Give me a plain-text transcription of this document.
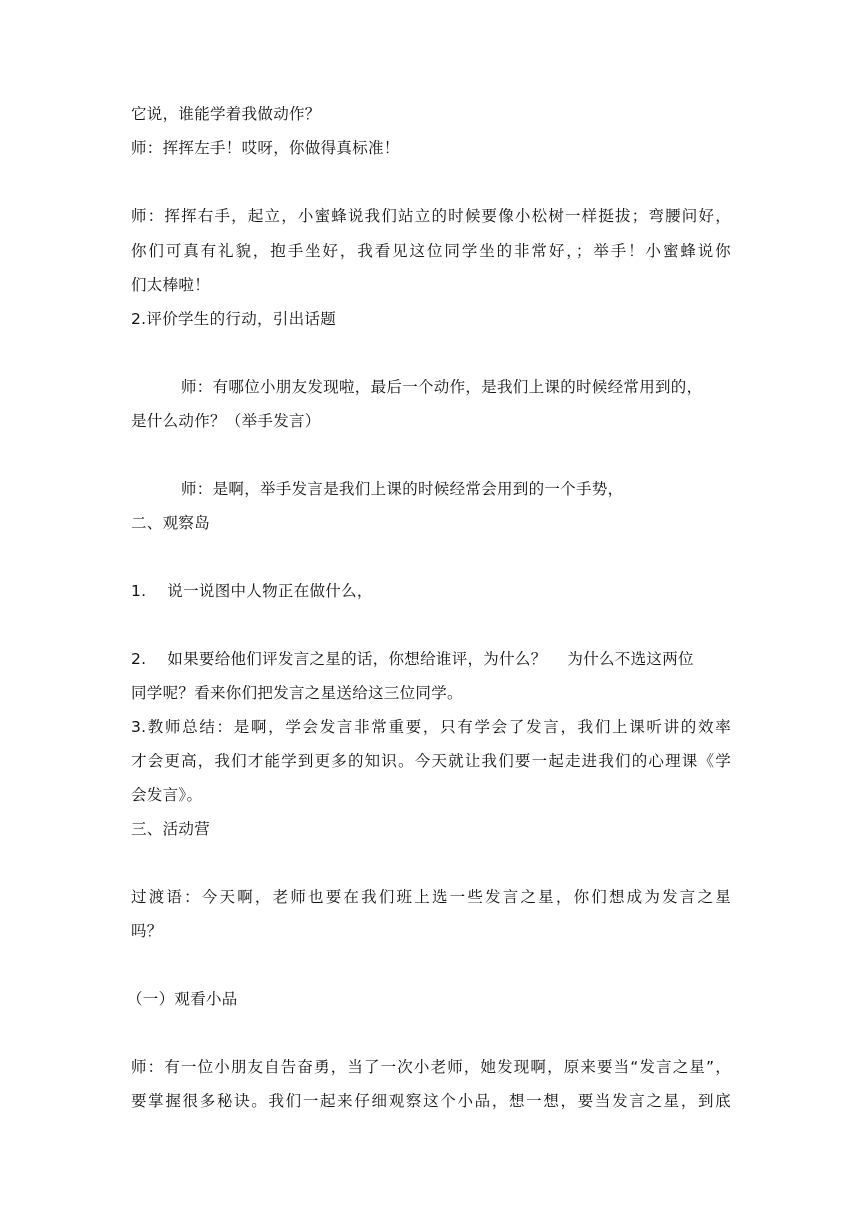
它说，谁能学着我做动作？
师：挥挥左手！哎呀，你做得真标准！
师：挥挥右手，起立，小蜜蜂说我们站立的时候要像小松树一样挺拔；弯腰问好，
你们可真有礼貌，抱手坐好，我看见这位同学坐的非常好，；举手！小蜜蜂说你
们太棒啦！
2.评价学生的行动，引出话题
师：有哪位小朋友发现啦，最后一个动作，是我们上课的时候经常用到的，
是什么动作？（举手发言）
师：是啊，举手发言是我们上课的时候经常会用到的一个手势，
二、观察岛
1.    说一说图中人物正在做什么，
2.    如果要给他们评发言之星的话，你想给谁评，为什么？    为什么不选这两位
同学呢？看来你们把发言之星送给这三位同学。
3.教师总结：是啊，学会发言非常重要，只有学会了发言，我们上课听讲的效率
才会更高，我们才能学到更多的知识。今天就让我们要一起走进我们的心理课《学
会发言》。
三、活动营
过渡语：今天啊，老师也要在我们班上选一些发言之星，你们想成为发言之星
吗？
（一）观看小品
师：有一位小朋友自告奋勇，当了一次小老师，她发现啊，原来要当“发言之星”，
要掌握很多秘诀。我们一起来仔细观察这个小品，想一想，要当发言之星，到底
